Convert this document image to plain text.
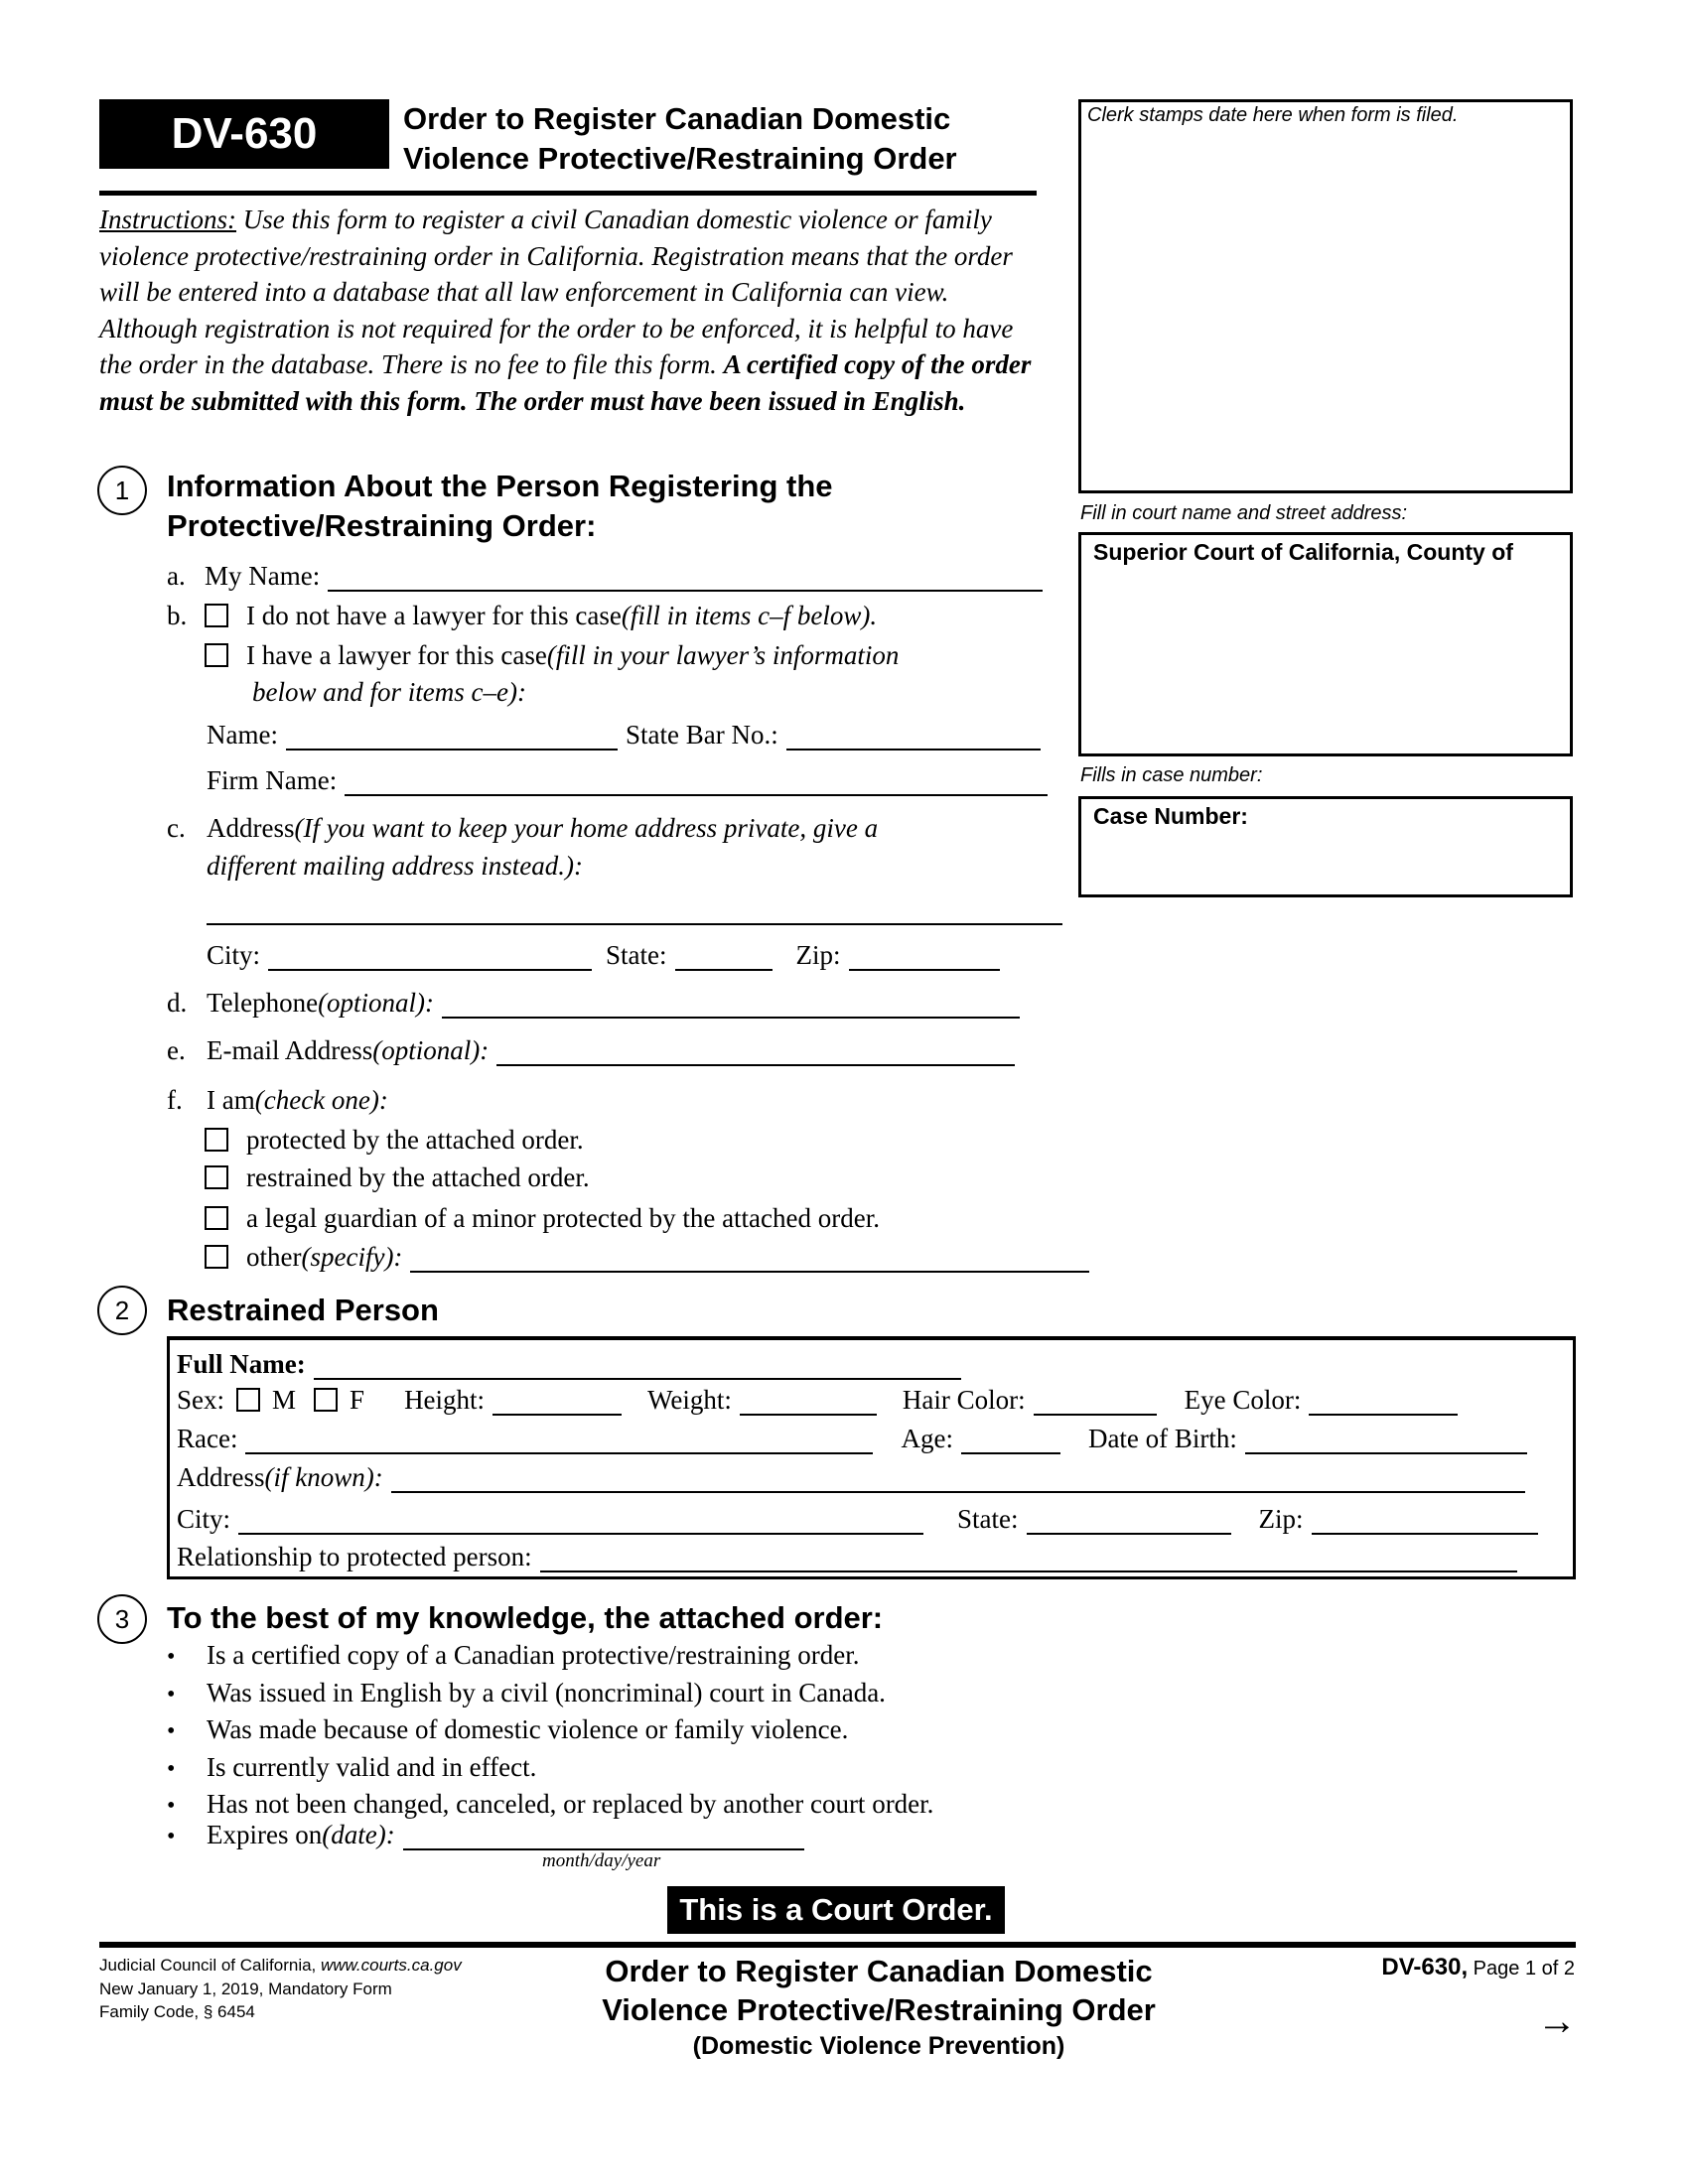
DV-630	Order to Register Canadian Domestic
Violence Protective/Restraining Order
Clerk stamps date here when form is filed.
Fill in court name and street address:
Superior Court of California, County of
Fills in case number:
Case Number:
Instructions: Use this form to register a civil Canadian domestic violence or family violence protective/restraining order in California. Registration means that the order will be entered into a database that all law enforcement in California can view. Although registration is not required for the order to be enforced, it is helpful to have the order in the database. There is no fee to file this form. A certified copy of the order must be submitted with this form. The order must have been issued in English.
1	Information About the Person Registering the
Protective/Restraining Order:
a. My Name:
b.	I do not have a lawyer for this case (fill in items c–f below).
I have a lawyer for this case (fill in your lawyer’s information
below and for items c–e):
Name:	State Bar No.:
Firm Name:
c. Address (If you want to keep your home address private, give a
different mailing address instead.):
City:	State:	Zip:
d. Telephone (optional):
e. E-mail Address (optional):
f. I am (check one):
protected by the attached order.
restrained by the attached order.
a legal guardian of a minor protected by the attached order.
other (specify):
2	Restrained Person
Full Name:
Sex: M F Height:	Weight:	Hair Color:	Eye Color:
Race:	Age:	Date of Birth:
Address (if known):
City:	State:	Zip:
Relationship to protected person:
3	To the best of my knowledge, the attached order:
• Is a certified copy of a Canadian protective/restraining order.
• Was issued in English by a civil (noncriminal) court in Canada.
• Was made because of domestic violence or family violence.
• Is currently valid and in effect.
• Has not been changed, canceled, or replaced by another court order.
•	Expires on (date):
month/day/year
This is a Court Order.
Judicial Council of California, www.courts.ca.gov
New January 1, 2019, Mandatory Form
Family Code, § 6454
Order to Register Canadian Domestic
Violence Protective/Restraining Order
(Domestic Violence Prevention)
DV-630, Page 1 of 2
→
